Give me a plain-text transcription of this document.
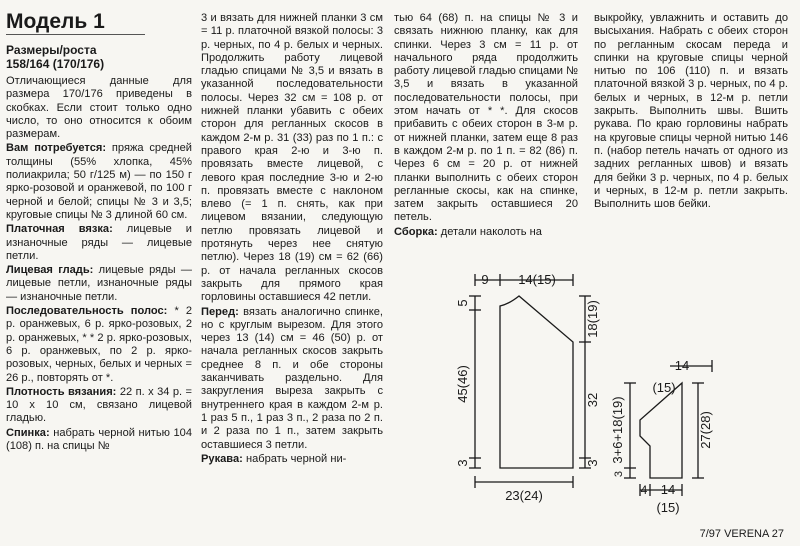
Модель 1

Размеры/роста
158/164 (170/176)

Отличающиеся данные для размера 170/176 приведены в скобках. Если стоит только одно число, то оно относится к обоим размерам.

Вам потребуется: пряжа средней толщины (55% хлопка, 45% полиакрила; 50 г/125 м) — по 150 г ярко-розовой и оранжевой, по 100 г черной и белой; спицы № 3 и 3,5; круговые спицы № 3 длиной 60 см.

Платочная вязка: лицевые и изнаночные ряды — лицевые петли.

Лицевая гладь: лицевые ряды — лицевые петли, изнаночные ряды — изнаночные петли.

Последовательность полос: * 2 р. оранжевых, 6 р. ярко-розовых, 2 р. оранжевых, * * 2 р. ярко-розовых, 6 р. оранжевых, по 2 р. ярко-розовых, черных, белых и черных = 26 р., повторять от *.

Плотность вязания: 22 п. х 34 р. = 10 х 10 см, связано лицевой гладью.

Спинка: набрать черной нитью 104 (108) п. на спицы №

3 и вязать для нижней планки 3 см = 11 р. платочной вязкой полосы: 3 р. черных, по 4 р. белых и черных. Продолжить работу лицевой гладью спицами № 3,5 и вязать в указанной последовательности полосы. Через 32 см = 108 р. от нижней планки убавить с обеих сторон для регланных скосов в каждом 2-м р. 31 (33) раз по 1 п.: с правого края 2-ю и 3-ю п. провязать вместе лицевой, с левого края последние 3-ю и 2-ю п. провязать вместе с наклоном влево (= 1 п. снять, как при лицевом вязании, следующую петлю провязать лицевой и протянуть через нее снятую петлю). Через 18 (19) см = 62 (66) р. от начала регланных скосов закрыть для прямого края горловины оставшиеся 42 петли.

Перед: вязать аналогично спинке, но с круглым вырезом. Для этого через 13 (14) см = 46 (50) р. от начала регланных скосов закрыть среднее 8 п. и обе стороны заканчивать раздельно. Для закругления выреза закрыть с внутреннего края в каждом 2-м р. 1 раз 5 п., 1 раз 3 п., 2 раза по 2 п. и 2 раза по 1 п., затем закрыть оставшиеся 3 петли.

Рукава: набрать черной ни-

тью 64 (68) п. на спицы № 3 и связать нижнюю планку, как для спинки. Через 3 см = 11 р. от начального ряда продолжить работу лицевой гладью спицами № 3,5 и вязать в указанной последовательности полосы, при этом начать от * *. Для скосов прибавить с обеих сторон в 3-м р. от нижней планки, затем еще 8 раз в каждом 2-м р. по 1 п. = 82 (86) п. Через 6 см = 20 р. от нижней планки выполнить с обеих сторон регланные скосы, как на спинке, затем закрыть оставшиеся 20 петель.

Сборка: детали наколоть на

выкройку, увлажнить и оставить до высыхания. Набрать с обеих сторон по регланным скосам переда и спинки на круговые спицы черной нитью по 106 (110) п. и вязать платочной вязкой 3 р. черных, по 4 р. белых и черных, в 12-м р. петли закрыть. Выполнить швы. Вшить рукава. По краю горловины набрать на круговые спицы черной нитью 146 п. (набор петель начать от одного из задних регланных швов) и вязать для бейки 3 р. черных, по 4 р. белых и черных, в 12-м р. петли закрыть. Выполнить шов бейки.

9 14(15)
5
45(46)
3
18(19)
32
3
23(24)
14
(15)
3+6+18(19)
3
27(28)
4 14
(15)
7/97 VERENA 27
